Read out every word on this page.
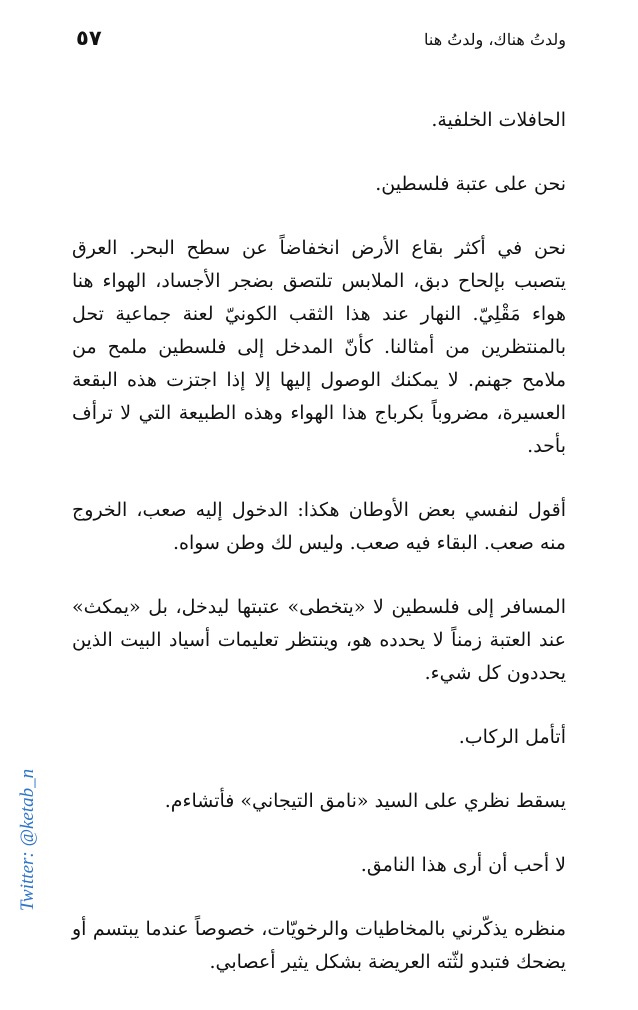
٥٧	ولدتُ هناك، ولدتُ هنا

الحافلات الخلفية.

نحن على عتبة فلسطين.

نحن في أكثر بقاع الأرض انخفاضاً عن سطح البحر. العرق يتصبب بإلحاح دبق، الملابس تلتصق بضجر الأجساد، الهواء هنا هواء مَقْلِيّ. النهار عند هذا الثقب الكونيّ لعنة جماعية تحل بالمنتظرين من أمثالنا. كأنّ المدخل إلى فلسطين ملمح من ملامح جهنم. لا يمكنك الوصول إليها إلا إذا اجتزت هذه البقعة العسيرة، مضروباً بكرباج هذا الهواء وهذه الطبيعة التي لا ترأف بأحد.

أقول لنفسي بعض الأوطان هكذا: الدخول إليه صعب، الخروج منه صعب. البقاء فيه صعب. وليس لك وطن سواه.

المسافر إلى فلسطين لا «يتخطى» عتبتها ليدخل، بل «يمكث» عند العتبة زمناً لا يحدده هو، وينتظر تعليمات أسياد البيت الذين يحددون كل شيء.

أتأمل الركاب.

يسقط نظري على السيد «نامق التيجاني» فأتشاءم.

لا أحب أن أرى هذا النامق.

منظره يذكّرني بالمخاطيات والرخويّات، خصوصاً عندما يبتسم أو يضحك فتبدو لثّته العريضة بشكل يثير أعصابي.

Twitter: @ketab_n
